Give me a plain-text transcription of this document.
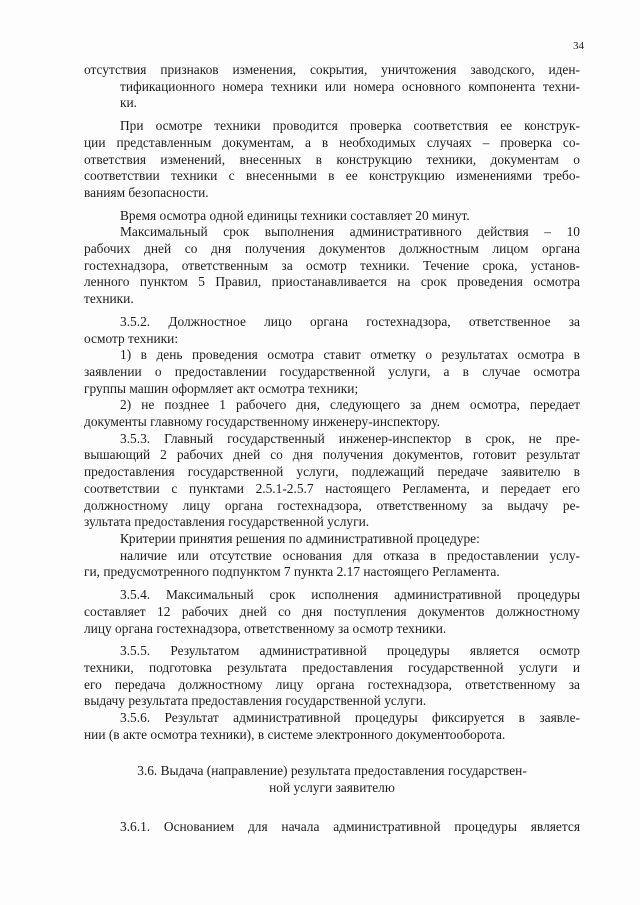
34
отсутствия признаков изменения, сокрытия, уничтожения заводского, иден-
тификационного номера техники или номера основного компонента техни-
ки.
При осмотре техники проводится проверка соответствия ее конструк-
ции представленным документам, а в необходимых случаях – проверка со-
ответствия изменений, внесенных в конструкцию техники, документам о
соответствии техники с внесенными в ее конструкцию изменениями требо-
ваниям безопасности.
Время осмотра одной единицы техники составляет 20 минут.
Максимальный срок выполнения административного действия – 10
рабочих дней со дня получения документов должностным лицом органа
гостехнадзора, ответственным за осмотр техники. Течение срока, установ-
ленного пунктом 5 Правил, приостанавливается на срок проведения осмотра
техники.
3.5.2. Должностное лицо органа гостехнадзора, ответственное за
осмотр техники:
1) в день проведения осмотра ставит отметку о результатах осмотра в
заявлении о предоставлении государственной услуги, а в случае осмотра
группы машин оформляет акт осмотра техники;
2) не позднее 1 рабочего дня, следующего за днем осмотра, передает
документы главному государственному инженеру-инспектору.
3.5.3. Главный государственный инженер-инспектор в срок, не пре-
вышающий 2 рабочих дней со дня получения документов, готовит результат
предоставления государственной услуги, подлежащий передаче заявителю в
соответствии с пунктами 2.5.1-2.5.7 настоящего Регламента, и передает его
должностному лицу органа гостехнадзора, ответственному за выдачу ре-
зультата предоставления государственной услуги.
Критерии принятия решения по административной процедуре:
наличие или отсутствие основания для отказа в предоставлении услу-
ги, предусмотренного подпунктом 7 пункта 2.17 настоящего Регламента.
3.5.4. Максимальный срок исполнения административной процедуры
составляет 12 рабочих дней со дня поступления документов должностному
лицу органа гостехнадзора, ответственному за осмотр техники.
3.5.5. Результатом административной процедуры является осмотр
техники, подготовка результата предоставления государственной услуги и
его передача должностному лицу органа гостехнадзора, ответственному за
выдачу результата предоставления государственной услуги.
3.5.6. Результат административной процедуры фиксируется в заявле-
нии (в акте осмотра техники), в системе электронного документооборота.
3.6. Выдача (направление) результата предоставления государствен-
ной услуги заявителю
3.6.1. Основанием для начала административной процедуры является
